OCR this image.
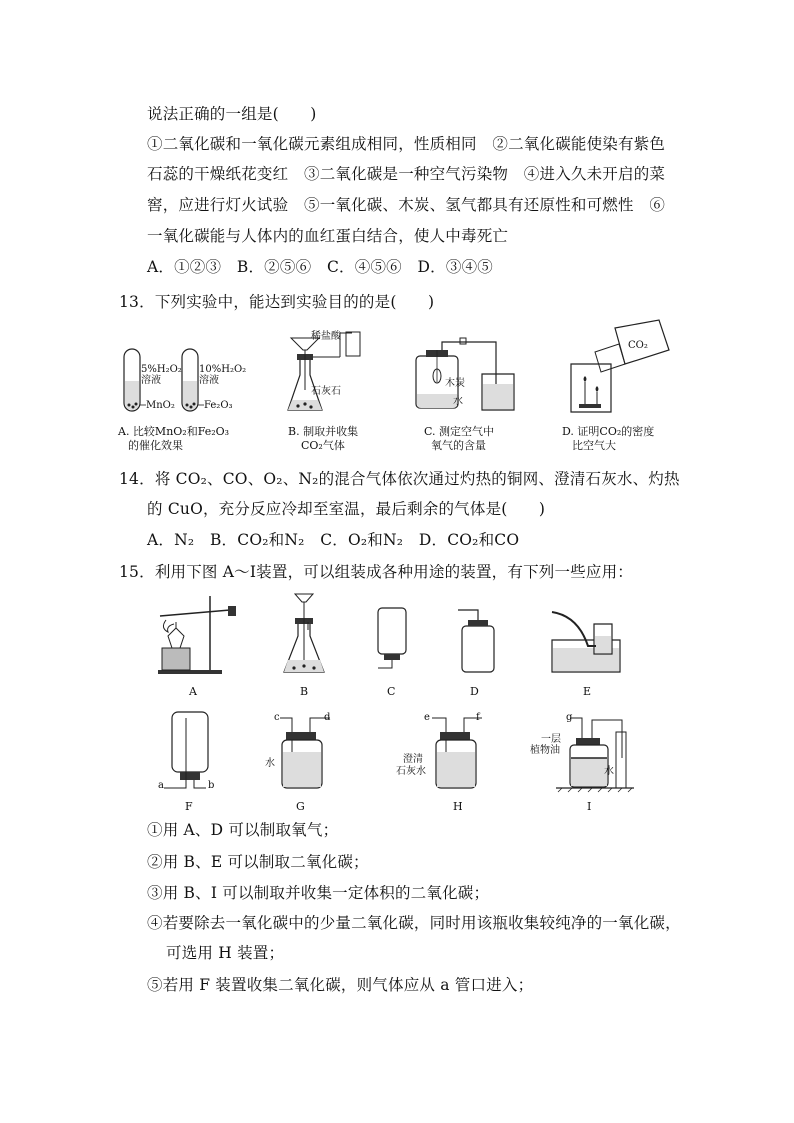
说法正确的一组是(　　)
①二氧化碳和一氧化碳元素组成相同，性质相同　②二氧化碳能使染有紫色
石蕊的干燥纸花变红　③二氧化碳是一种空气污染物　④进入久未开启的菜
窖，应进行灯火试验　⑤一氧化碳、木炭、氢气都具有还原性和可燃性　⑥
一氧化碳能与人体内的血红蛋白结合，使人中毒死亡
A．①②③　B．②⑤⑥　C．④⑤⑥　D．③④⑤
13．下列实验中，能达到实验目的的是(　　)
5%H₂O₂
溶液
10%H₂O₂
溶液
MnO₂	Fe₂O₃
A. 比较MnO₂和Fe₂O₃
的催化效果
稀盐酸
石灰石
B. 制取并收集
CO₂气体
木炭
水
C. 测定空气中
氧气的含量
CO₂
D. 证明CO₂的密度
比空气大
14．将 CO₂、CO、O₂、N₂的混合气体依次通过灼热的铜网、澄清石灰水、灼热
的 CuO，充分反应冷却至室温，最后剩余的气体是(　　)
A．N₂　B．CO₂和N₂　C．O₂和N₂　D．CO₂和CO
15．利用下图 A～I装置，可以组装成各种用途的装置，有下列一些应用：
A	B	C	D	E
a	b
F
c	d
水
G
e	f
澄清
石灰水
H
g
一层
植物油
水
I
①用 A、D 可以制取氧气；
②用 B、E 可以制取二氧化碳；
③用 B、I 可以制取并收集一定体积的二氧化碳；
④若要除去一氧化碳中的少量二氧化碳，同时用该瓶收集较纯净的一氧化碳，
可选用 H 装置；
⑤若用 F 装置收集二氧化碳，则气体应从 a 管口进入；
